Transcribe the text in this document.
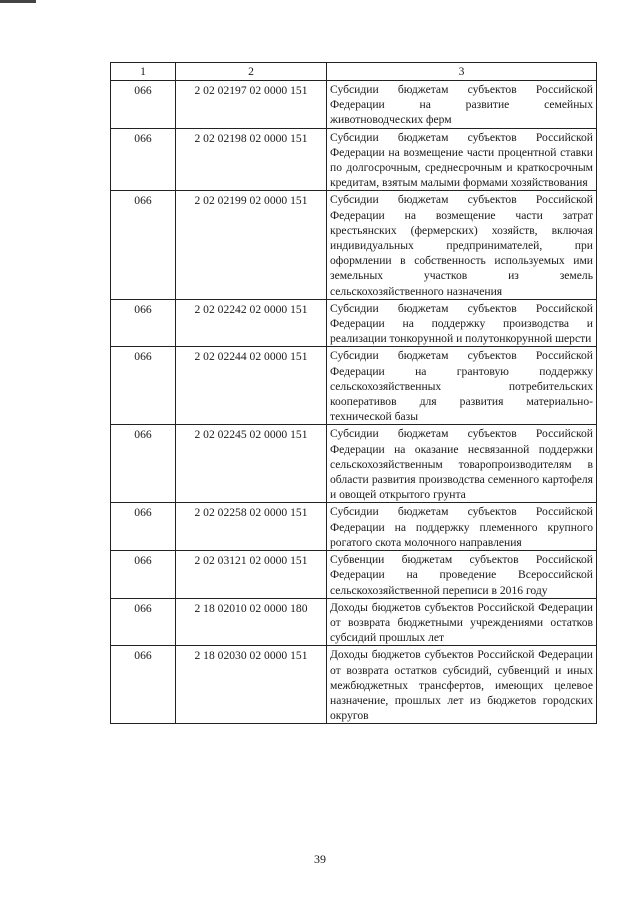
1	2	3
066	2 02 02197 02 0000 151	Субсидии бюджетам субъектов Российской Федерации на развитие семейных животноводческих ферм
066	2 02 02198 02 0000 151	Субсидии бюджетам субъектов Российской Федерации на возмещение части процентной ставки по долгосрочным, среднесрочным и краткосрочным кредитам, взятым малыми формами хозяйствования
066	2 02 02199 02 0000 151	Субсидии бюджетам субъектов Российской Федерации на возмещение части затрат крестьянских (фермерских) хозяйств, включая индивидуальных предпринимателей, при оформлении в собственность используемых ими земельных участков из земель сельскохозяйственного назначения
066	2 02 02242 02 0000 151	Субсидии бюджетам субъектов Российской Федерации на поддержку производства и реализации тонкорунной и полутонкорунной шерсти
066	2 02 02244 02 0000 151	Субсидии бюджетам субъектов Российской Федерации на грантовую поддержку сельскохозяйственных потребительских кооперативов для развития материально-технической базы
066	2 02 02245 02 0000 151	Субсидии бюджетам субъектов Российской Федерации на оказание несвязанной поддержки сельскохозяйственным товаропроизводителям в области развития производства семенного картофеля и овощей открытого грунта
066	2 02 02258 02 0000 151	Субсидии бюджетам субъектов Российской Федерации на поддержку племенного крупного рогатого скота молочного направления
066	2 02 03121 02 0000 151	Субвенции бюджетам субъектов Российской Федерации на проведение Всероссийской сельскохозяйственной переписи в 2016 году
066	2 18 02010 02 0000 180	Доходы бюджетов субъектов Российской Федерации от возврата бюджетными учреждениями остатков субсидий прошлых лет
066	2 18 02030 02 0000 151	Доходы бюджетов субъектов Российской Федерации от возврата остатков субсидий, субвенций и иных межбюджетных трансфертов, имеющих целевое назначение, прошлых лет из бюджетов городских округов
39
